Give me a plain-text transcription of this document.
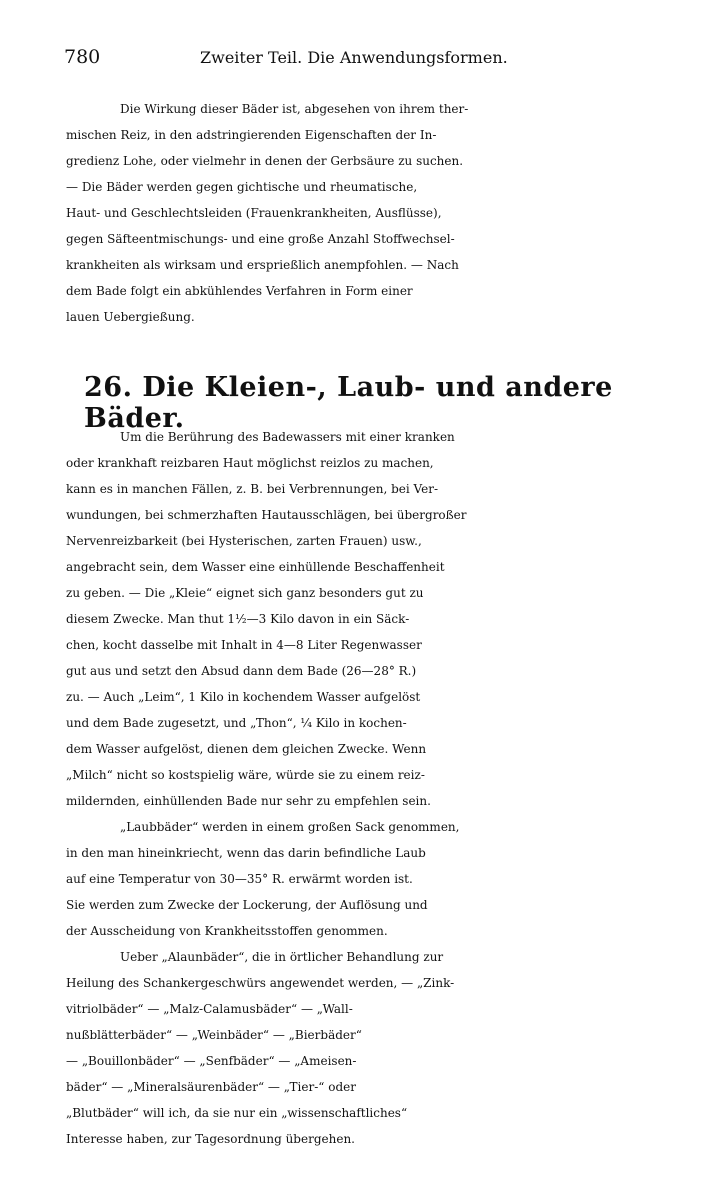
780	Zweiter Teil. Die Anwendungsformen.
Die Wirkung dieser Bäder ist, abgesehen von ihrem ther-
mischen Reiz, in den adstringierenden Eigenschaften der In-
gredienz Lohe, oder vielmehr in denen der Gerbsäure zu suchen.
— Die Bäder werden gegen gichtische und rheumatische,
Haut- und Geschlechtsleiden (Frauenkrankheiten, Ausflüsse),
gegen Säfteentmischungs- und eine große Anzahl Stoffwechsel-
krankheiten als wirksam und ersprießlich anempfohlen. — Nach
dem Bade folgt ein abkühlendes Verfahren in Form einer
lauen Uebergießung.
26. Die Kleien-, Laub- und andere Bäder.
Um die Berührung des Badewassers mit einer kranken
oder krankhaft reizbaren Haut möglichst reizlos zu machen,
kann es in manchen Fällen, z. B. bei Verbrennungen, bei Ver-
wundungen, bei schmerzhaften Hautausschlägen, bei übergroßer
Nervenreizbarkeit (bei Hysterischen, zarten Frauen) usw.,
angebracht sein, dem Wasser eine einhüllende Beschaffenheit
zu geben. — Die „Kleie“ eignet sich ganz besonders gut zu
diesem Zwecke. Man thut 1½—3 Kilo davon in ein Säck-
chen, kocht dasselbe mit Inhalt in 4—8 Liter Regenwasser
gut aus und setzt den Absud dann dem Bade (26—28° R.)
zu. — Auch „Leim“, 1 Kilo in kochendem Wasser aufgelöst
und dem Bade zugesetzt, und „Thon“, ¼ Kilo in kochen-
dem Wasser aufgelöst, dienen dem gleichen Zwecke. Wenn
„Milch“ nicht so kostspielig wäre, würde sie zu einem reiz-
mildernden, einhüllenden Bade nur sehr zu empfehlen sein.
„Laubbäder“ werden in einem großen Sack genommen,
in den man hineinkriecht, wenn das darin befindliche Laub
auf eine Temperatur von 30—35° R. erwärmt worden ist.
Sie werden zum Zwecke der Lockerung, der Auflösung und
der Ausscheidung von Krankheitsstoffen genommen.
Ueber „Alaunbäder“, die in örtlicher Behandlung zur
Heilung des Schankergeschwürs angewendet werden, — „Zink-
vitriolbäder“ — „Malz-Calamusbäder“ — „Wall-
nußblätterbäder“ — „Weinbäder“ — „Bierbäder“
— „Bouillonbäder“ — „Senfbäder“ — „Ameisen-
bäder“ — „Mineralsäurenbäder“ — „Tier-“ oder
„Blutbäder“ will ich, da sie nur ein „wissenschaftliches“
Interesse haben, zur Tagesordnung übergehen.
